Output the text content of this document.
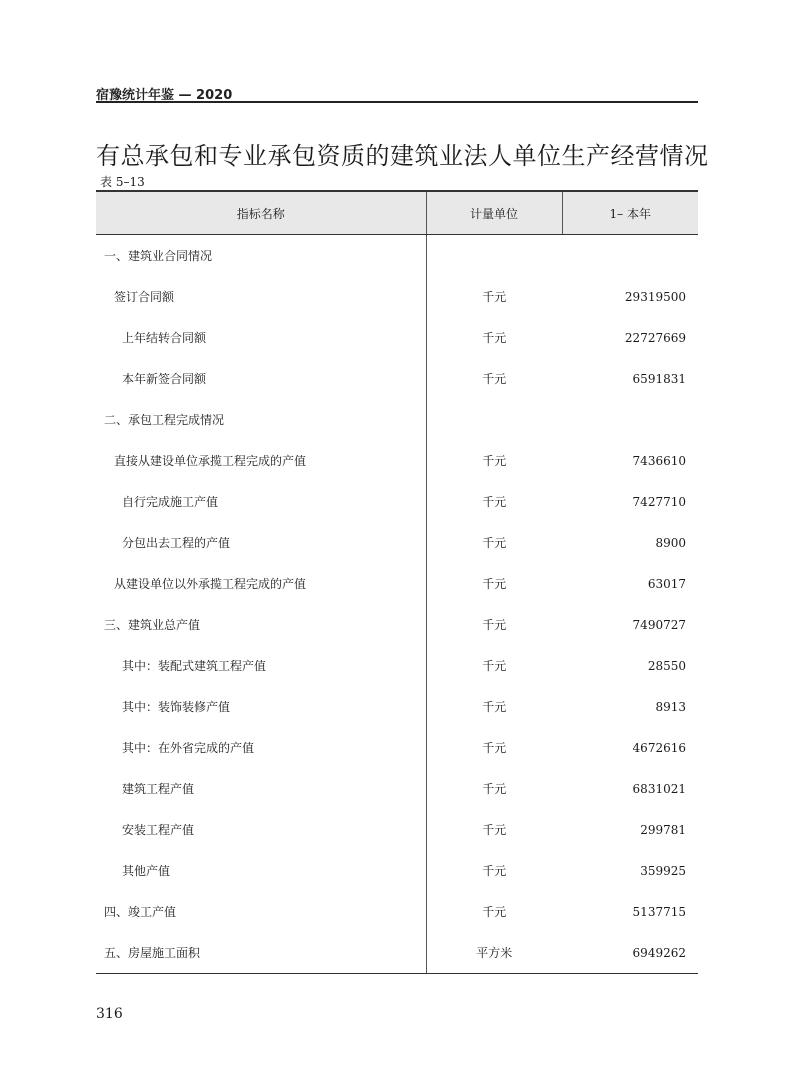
宿豫统计年鉴 — 2020
有总承包和专业承包资质的建筑业法人单位生产经营情况
表 5–13
指标名称	计量单位	1– 本年
一、建筑业合同情况		
签订合同额	千元	29319500
上年结转合同额	千元	22727669
本年新签合同额	千元	6591831
二、承包工程完成情况		
直接从建设单位承揽工程完成的产值	千元	7436610
自行完成施工产值	千元	7427710
分包出去工程的产值	千元	8900
从建设单位以外承揽工程完成的产值	千元	63017
三、建筑业总产值	千元	7490727
其中：装配式建筑工程产值	千元	28550
其中：装饰装修产值	千元	8913
其中：在外省完成的产值	千元	4672616
建筑工程产值	千元	6831021
安装工程产值	千元	299781
其他产值	千元	359925
四、竣工产值	千元	5137715
五、房屋施工面积	平方米	6949262
316
